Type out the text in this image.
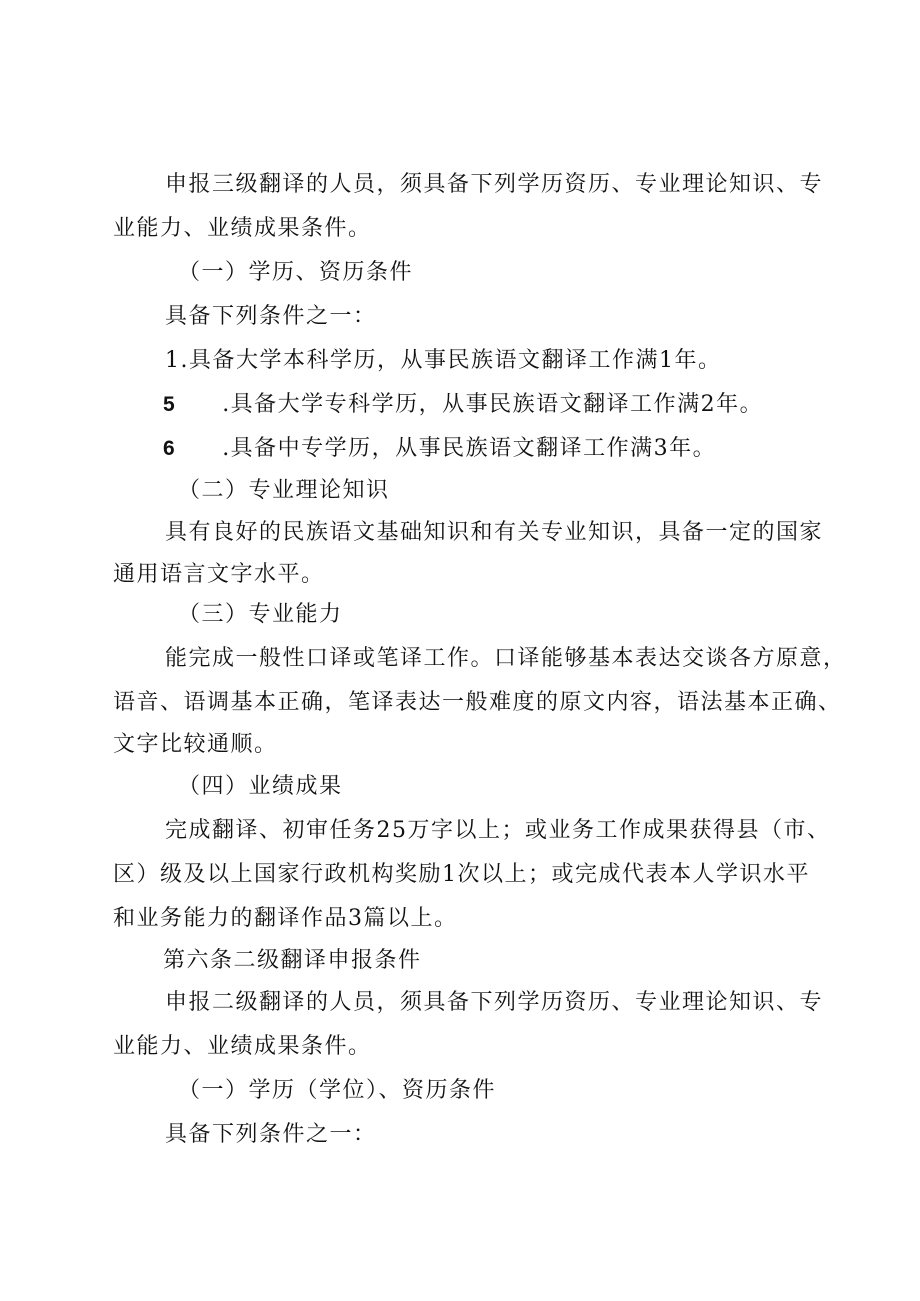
申报三级翻译的人员，须具备下列学历资历、专业理论知识、专
业能力、业绩成果条件。
（一）学历、资历条件
具备下列条件之一：
1.具备大学本科学历，从事民族语文翻译工作满1年。
5 .具备大学专科学历，从事民族语文翻译工作满2年。
6 .具备中专学历，从事民族语文翻译工作满3年。
（二）专业理论知识
具有良好的民族语文基础知识和有关专业知识，具备一定的国家
通用语言文字水平。
（三）专业能力
能完成一般性口译或笔译工作。口译能够基本表达交谈各方原意，
语音、语调基本正确，笔译表达一般难度的原文内容，语法基本正确、
文字比较通顺。
（四）业绩成果
完成翻译、初审任务25万字以上；或业务工作成果获得县（市、
区）级及以上国家行政机构奖励1次以上；或完成代表本人学识水平
和业务能力的翻译作品3篇以上。
第六条二级翻译申报条件
申报二级翻译的人员，须具备下列学历资历、专业理论知识、专
业能力、业绩成果条件。
（一）学历（学位）、资历条件
具备下列条件之一：
